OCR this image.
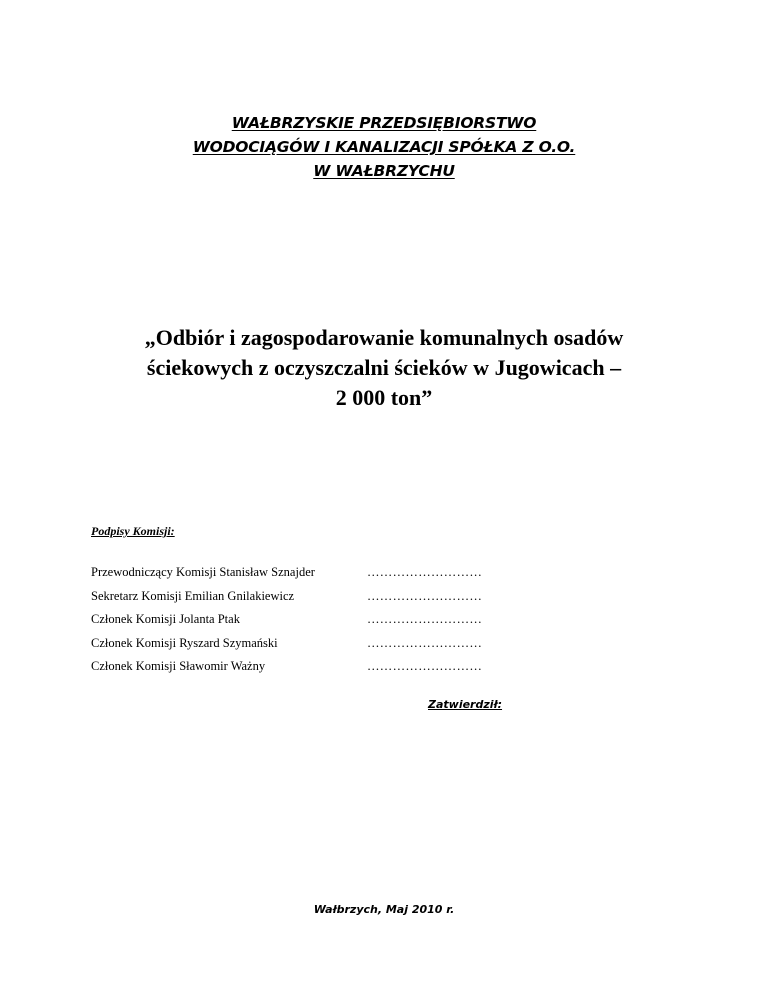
WAŁBRZYSKIE PRZEDSIĘBIORSTWO
WODOCIĄGÓW I KANALIZACJI SPÓŁKA Z O.O.
W WAŁBRZYCHU
„Odbiór i zagospodarowanie komunalnych osadów
ściekowych z oczyszczalni ścieków w Jugowicach –
2 000 ton”
Podpisy Komisji:
Przewodniczący Komisji Stanisław Sznajder	………………………
Sekretarz Komisji Emilian Gnilakiewicz	………………………
Członek Komisji Jolanta Ptak	………………………
Członek Komisji Ryszard Szymański	………………………
Członek Komisji Sławomir Ważny	………………………
Zatwierdził:
Wałbrzych, Maj 2010 r.
